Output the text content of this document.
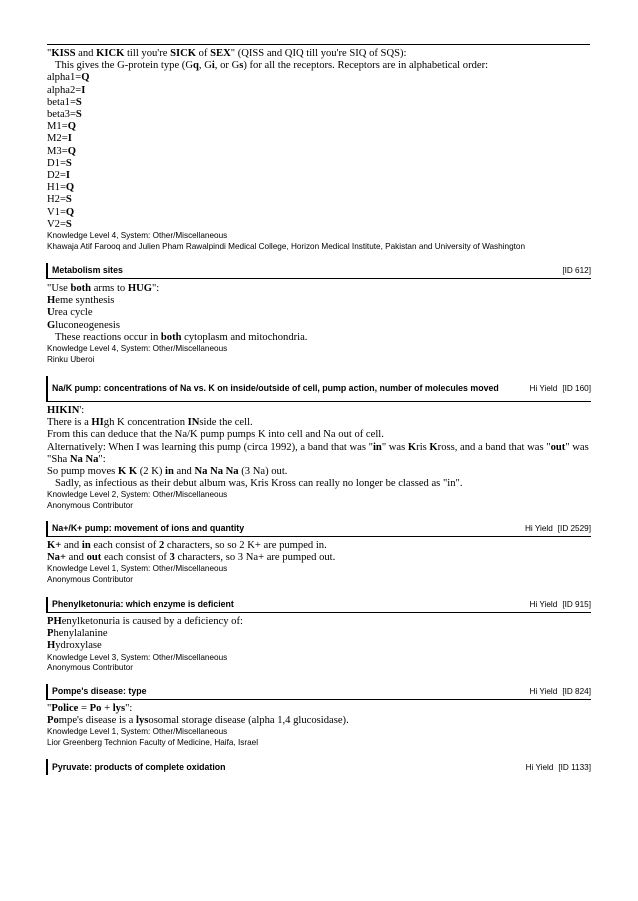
"KISS and KICK till you're SICK of SEX" (QISS and QIQ till you're SIQ of SQS):
This gives the G-protein type (Gq, Gi, or Gs) for all the receptors. Receptors are in alphabetical order:
alpha1=Q
alpha2=I
beta1=S
beta3=S
M1=Q
M2=I
M3=Q
D1=S
D2=I
H1=Q
H2=S
V1=Q
V2=S
Knowledge Level 4, System: Other/Miscellaneous
Khawaja Atif Farooq and Julien Pham Rawalpindi Medical College, Horizon Medical Institute, Pakistan and University of Washington
Metabolism sites	[ID 612]
"Use both arms to HUG":
Heme synthesis
Urea cycle
Gluconeogenesis
These reactions occur in both cytoplasm and mitochondria.
Knowledge Level 4, System: Other/Miscellaneous
Rinku Uberoi
Na/K pump: concentrations of Na vs. K on inside/outside of cell, pump action, number of molecules moved	Hi Yield [ID 160]
HIKIN':
There is a HIgh K concentration INside the cell.
From this can deduce that the Na/K pump pumps K into cell and Na out of cell.
Alternatively: When I was learning this pump (circa 1992), a band that was "in" was Kris Kross, and a band that was "out" was "Sha Na Na":
So pump moves K K (2 K) in and Na Na Na (3 Na) out.
Sadly, as infectious as their debut album was, Kris Kross can really no longer be classed as "in".
Knowledge Level 2, System: Other/Miscellaneous
Anonymous Contributor
Na+/K+ pump: movement of ions and quantity	Hi Yield [ID 2529]
K+ and in each consist of 2 characters, so so 2 K+ are pumped in.
Na+ and out each consist of 3 characters, so 3 Na+ are pumped out.
Knowledge Level 1, System: Other/Miscellaneous
Anonymous Contributor
Phenylketonuria: which enzyme is deficient	Hi Yield [ID 915]
PHenylketonuria is caused by a deficiency of:
Phenylalanine
Hydroxylase
Knowledge Level 3, System: Other/Miscellaneous
Anonymous Contributor
Pompe's disease: type	Hi Yield [ID 824]
"Police = Po + lys":
Pompe's disease is a lysosomal storage disease (alpha 1,4 glucosidase).
Knowledge Level 1, System: Other/Miscellaneous
Lior Greenberg Technion Faculty of Medicine, Haifa, Israel
Pyruvate: products of complete oxidation	Hi Yield [ID 1133]
